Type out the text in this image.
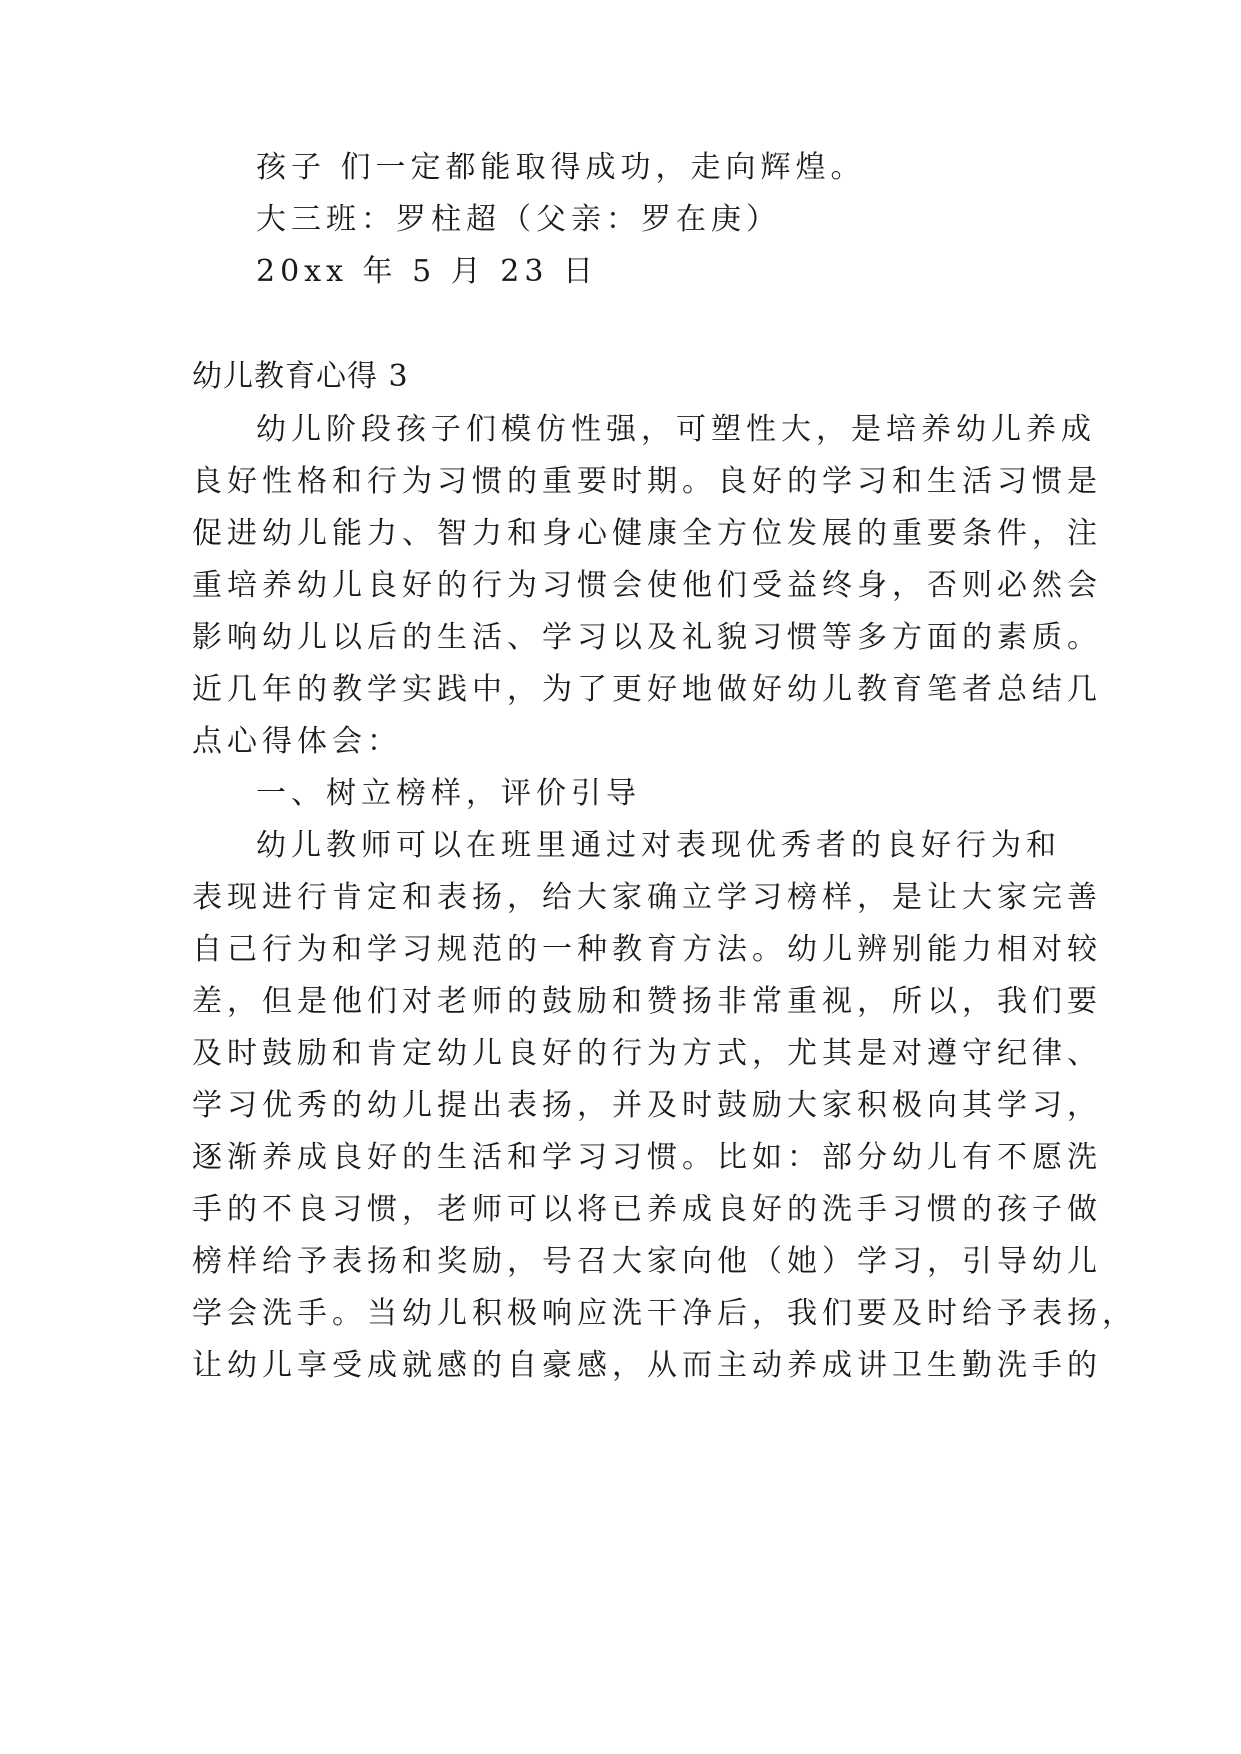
孩子 们一定都能取得成功，走向辉煌。
大三班：罗柱超（父亲：罗在庚）
20xx 年 5 月 23 日
幼儿教育心得 3
幼儿阶段孩子们模仿性强，可塑性大，是培养幼儿养成
良好性格和行为习惯的重要时期。良好的学习和生活习惯是
促进幼儿能力、智力和身心健康全方位发展的重要条件，注
重培养幼儿良好的行为习惯会使他们受益终身，否则必然会
影响幼儿以后的生活、学习以及礼貌习惯等多方面的素质。
近几年的教学实践中，为了更好地做好幼儿教育笔者总结几
点心得体会：
一、树立榜样，评价引导
幼儿教师可以在班里通过对表现优秀者的良好行为和
表现进行肯定和表扬，给大家确立学习榜样，是让大家完善
自己行为和学习规范的一种教育方法。幼儿辨别能力相对较
差，但是他们对老师的鼓励和赞扬非常重视，所以，我们要
及时鼓励和肯定幼儿良好的行为方式，尤其是对遵守纪律、
学习优秀的幼儿提出表扬，并及时鼓励大家积极向其学习，
逐渐养成良好的生活和学习习惯。比如：部分幼儿有不愿洗
手的不良习惯，老师可以将已养成良好的洗手习惯的孩子做
榜样给予表扬和奖励，号召大家向他（她）学习，引导幼儿
学会洗手。当幼儿积极响应洗干净后，我们要及时给予表扬，
让幼儿享受成就感的自豪感，从而主动养成讲卫生勤洗手的
